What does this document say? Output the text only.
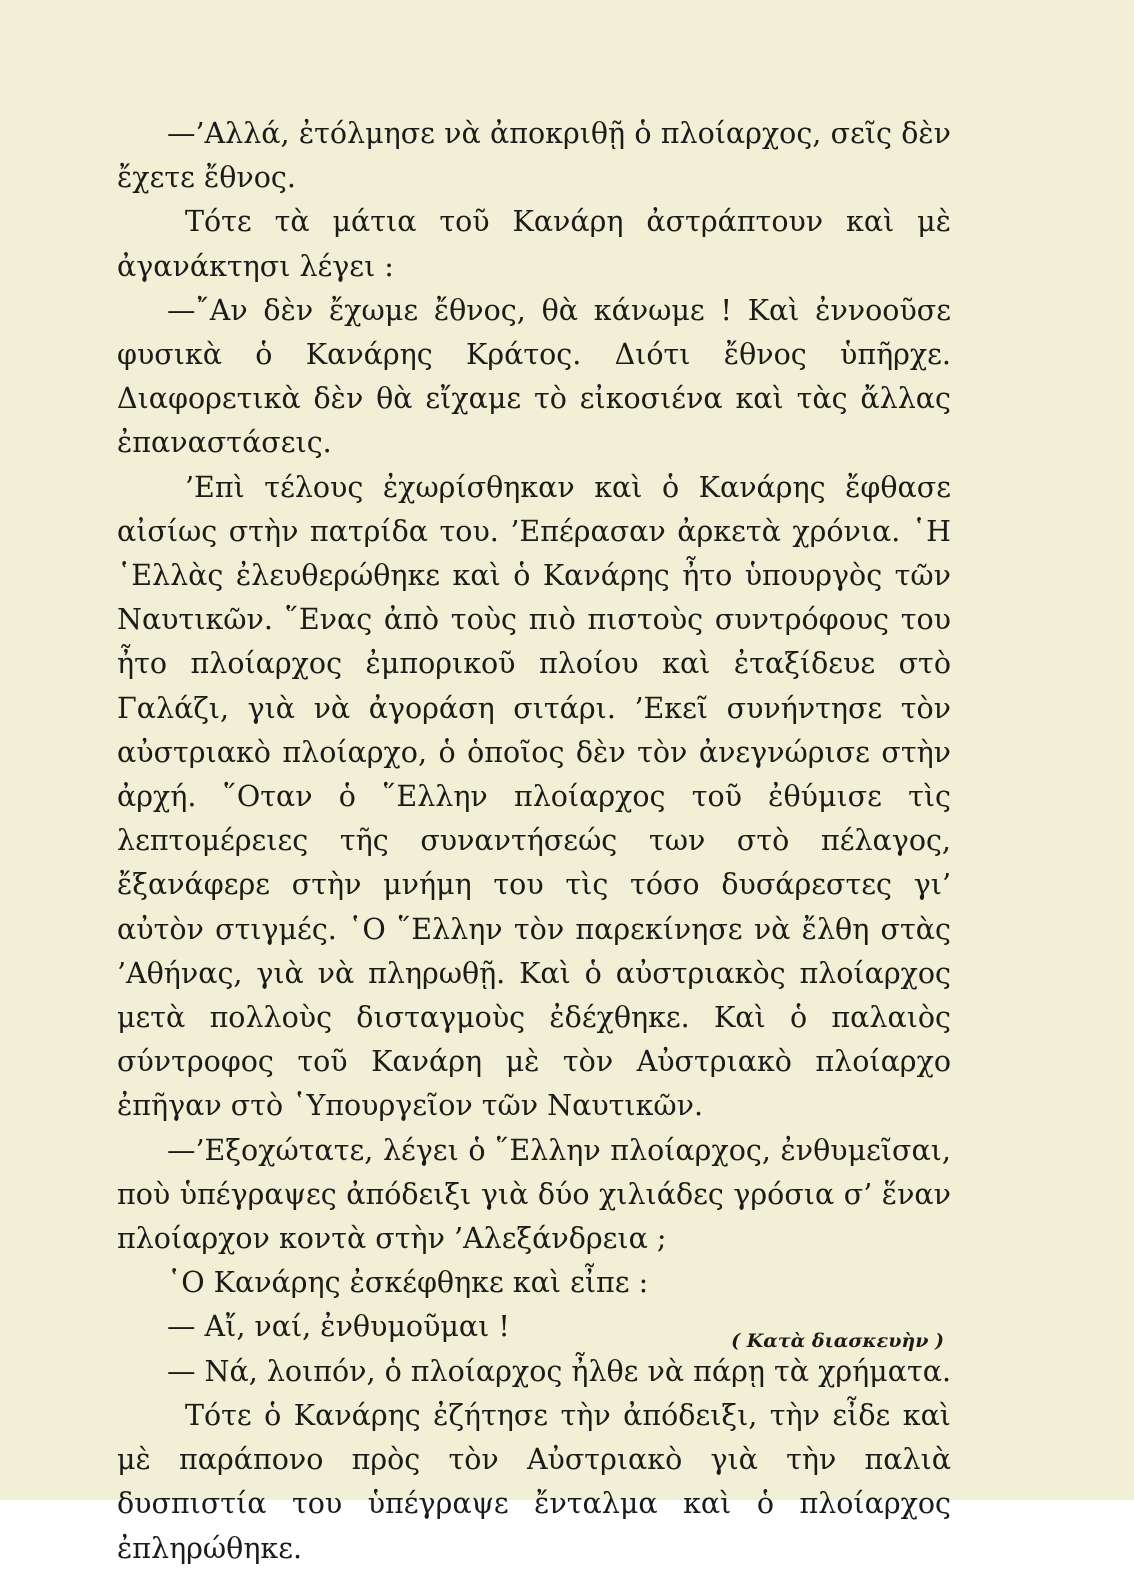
—’Αλλά, ἐτόλμησε νὰ ἀποκριθῇ ὁ πλοίαρχος, σεῖς δὲν ἔχετε ἔθνος.

Τότε τὰ μάτια τοῦ Κανάρη ἀστράπτουν καὶ μὲ ἀγανάκτησι λέγει :

—῎Αν δὲν ἔχωμε ἔθνος, θὰ κάνωμε ! Καὶ ἐννοοῦσε φυσικὰ ὁ Κανάρης Κράτος. Διότι ἔθνος ὑπῆρχε. Διαφορετικὰ δὲν θὰ εἴχαμε τὸ εἰκοσιένα καὶ τὰς ἄλλας ἐπαναστάσεις.

’Επὶ τέλους ἐχωρίσθηκαν καὶ ὁ Κανάρης ἔφθασε αἰσίως στὴν πατρίδα του. ’Επέρασαν ἀρκετὰ χρόνια. ῾Η ῾Ελλὰς ἐλευθερώθηκε καὶ ὁ Κανάρης ἦτο ὑπουργὸς τῶν Ναυτικῶν. ῞Ενας ἀπὸ τοὺς πιὸ πιστοὺς συντρόφους του ἦτο πλοίαρχος ἐμπορικοῦ πλοίου καὶ ἐταξίδευε στὸ Γαλάζι, γιὰ νὰ ἀγοράση σιτάρι. ’Εκεῖ συνήντησε τὸν αὐστριακὸ πλοίαρχο, ὁ ὁποῖος δὲν τὸν ἀνεγνώρισε στὴν ἀρχή. ῞Οταν ὁ ῞Ελλην πλοίαρχος τοῦ ἐθύμισε τὶς λεπτομέρειες τῆς συναντήσεώς των στὸ πέλαγος, ἔξανάφερε στὴν μνήμη του τὶς τόσο δυσάρεστες γι’ αὐτὸν στιγμές. ῾Ο ῞Ελλην τὸν παρεκίνησε νὰ ἔλθη στὰς ’Αθήνας, γιὰ νὰ πληρωθῇ. Καὶ ὁ αὐστριακὸς πλοίαρχος μετὰ πολλοὺς δισταγμοὺς ἐδέχθηκε. Καὶ ὁ παλαιὸς σύντροφος τοῦ Κανάρη μὲ τὸν Αὐστριακὸ πλοίαρχο ἐπῆγαν στὸ ῾Υπουργεῖον τῶν Ναυτικῶν.

—’Εξοχώτατε, λέγει ὁ ῞Ελλην πλοίαρχος, ἐνθυμεῖσαι, ποὺ ὑπέγραψες ἀπόδειξι γιὰ δύο χιλιάδες γρόσια σ’ ἕναν πλοίαρχον κοντὰ στὴν ’Αλεξάνδρεια ;

῾Ο Κανάρης ἐσκέφθηκε καὶ εἶπε :

— Αἴ, ναί, ἐνθυμοῦμαι !

— Νά, λοιπόν, ὁ πλοίαρχος ἦλθε νὰ πάρῃ τὰ χρήματα.

Τότε ὁ Κανάρης ἐζήτησε τὴν ἀπόδειξι, τὴν εἶδε καὶ μὲ παράπονο πρὸς τὸν Αὐστριακὸ γιὰ τὴν παλιὰ δυσπιστία του ὑπέγραψε ἔνταλμα καὶ ὁ πλοίαρχος ἐπληρώθηκε.

( Κατὰ διασκευὴν )
